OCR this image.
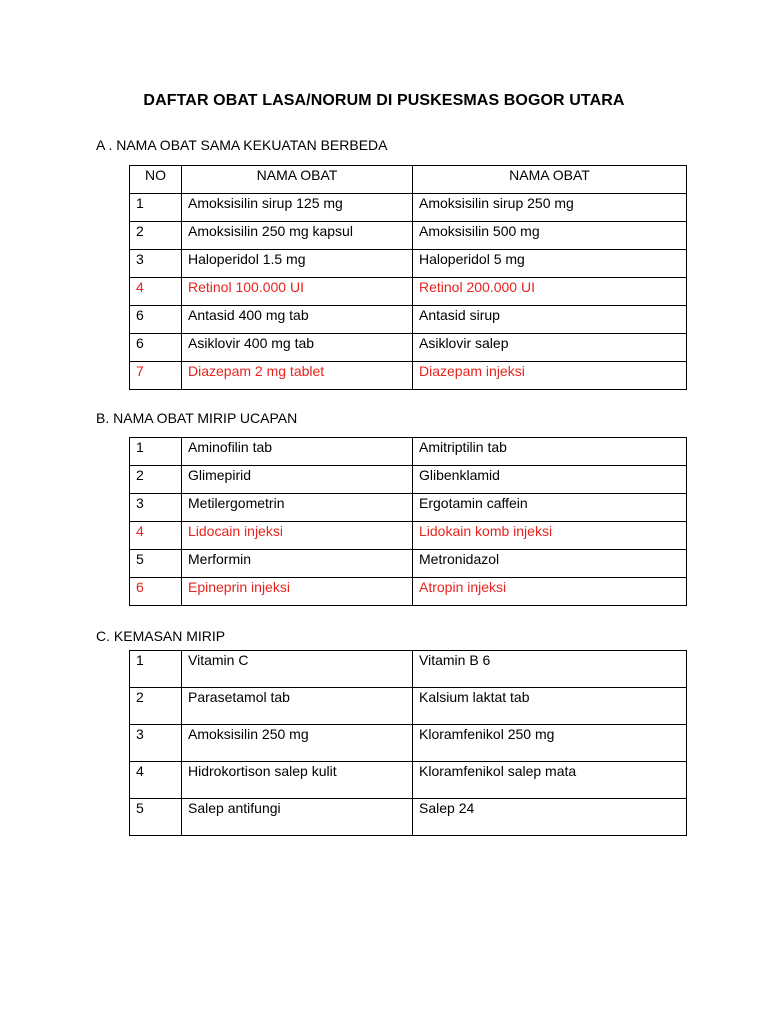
DAFTAR OBAT LASA/NORUM DI PUSKESMAS BOGOR UTARA
A . NAMA OBAT SAMA KEKUATAN BERBEDA
NO	NAMA OBAT	NAMA OBAT
1	Amoksisilin sirup 125 mg	Amoksisilin sirup 250 mg
2	Amoksisilin 250 mg kapsul	Amoksisilin 500 mg
3	Haloperidol 1.5 mg	Haloperidol 5 mg
4	Retinol 100.000 UI	Retinol 200.000 UI
6	Antasid 400 mg tab	Antasid sirup
6	Asiklovir 400 mg tab	Asiklovir salep
7	Diazepam 2 mg tablet	Diazepam injeksi
B. NAMA OBAT MIRIP UCAPAN
1	Aminofilin tab	Amitriptilin tab
2	Glimepirid	Glibenklamid
3	Metilergometrin	Ergotamin caffein
4	Lidocain injeksi	Lidokain komb injeksi
5	Merformin	Metronidazol
6	Epineprin injeksi	Atropin injeksi
C. KEMASAN MIRIP
1	Vitamin C	Vitamin B 6
2	Parasetamol tab	Kalsium laktat tab
3	Amoksisilin 250 mg	Kloramfenikol 250 mg
4	Hidrokortison salep kulit	Kloramfenikol salep mata
5	Salep antifungi	Salep 24
